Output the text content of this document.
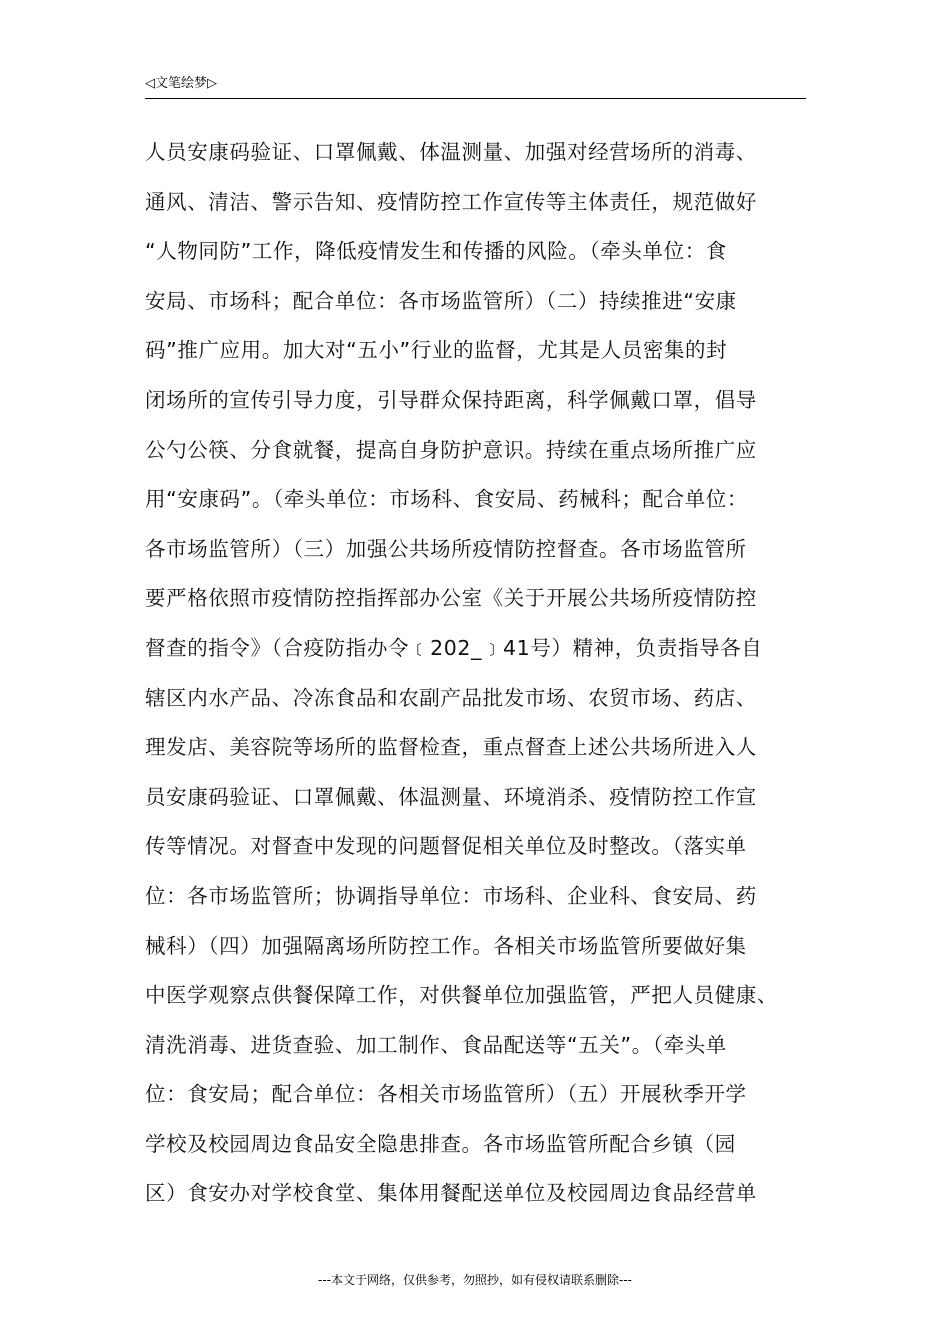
◁文笔绘梦▷
人员安康码验证、口罩佩戴、体温测量、加强对经营场所的消毒、
通风、清洁、警示告知、疫情防控工作宣传等主体责任，规范做好
“人物同防”工作，降低疫情发生和传播的风险。（牵头单位：食
安局、市场科；配合单位：各市场监管所）（二）持续推进“安康
码”推广应用。加大对“五小”行业的监督，尤其是人员密集的封
闭场所的宣传引导力度，引导群众保持距离，科学佩戴口罩，倡导
公勺公筷、分食就餐，提高自身防护意识。持续在重点场所推广应
用“安康码”。（牵头单位：市场科、食安局、药械科；配合单位：
各市场监管所）（三）加强公共场所疫情防控督查。各市场监管所
要严格依照市疫情防控指挥部办公室《关于开展公共场所疫情防控
督查的指令》（合疫防指办令﹝202_﹞41号）精神，负责指导各自
辖区内水产品、冷冻食品和农副产品批发市场、农贸市场、药店、
理发店、美容院等场所的监督检查，重点督查上述公共场所进入人
员安康码验证、口罩佩戴、体温测量、环境消杀、疫情防控工作宣
传等情况。对督查中发现的问题督促相关单位及时整改。（落实单
位：各市场监管所；协调指导单位：市场科、企业科、食安局、药
械科）（四）加强隔离场所防控工作。各相关市场监管所要做好集
中医学观察点供餐保障工作，对供餐单位加强监管，严把人员健康、
清洗消毒、进货查验、加工制作、食品配送等“五关”。（牵头单
位：食安局；配合单位：各相关市场监管所）（五）开展秋季开学
学校及校园周边食品安全隐患排查。各市场监管所配合乡镇（园
区）食安办对学校食堂、集体用餐配送单位及校园周边食品经营单
---本文于网络，仅供参考，勿照抄，如有侵权请联系删除---
